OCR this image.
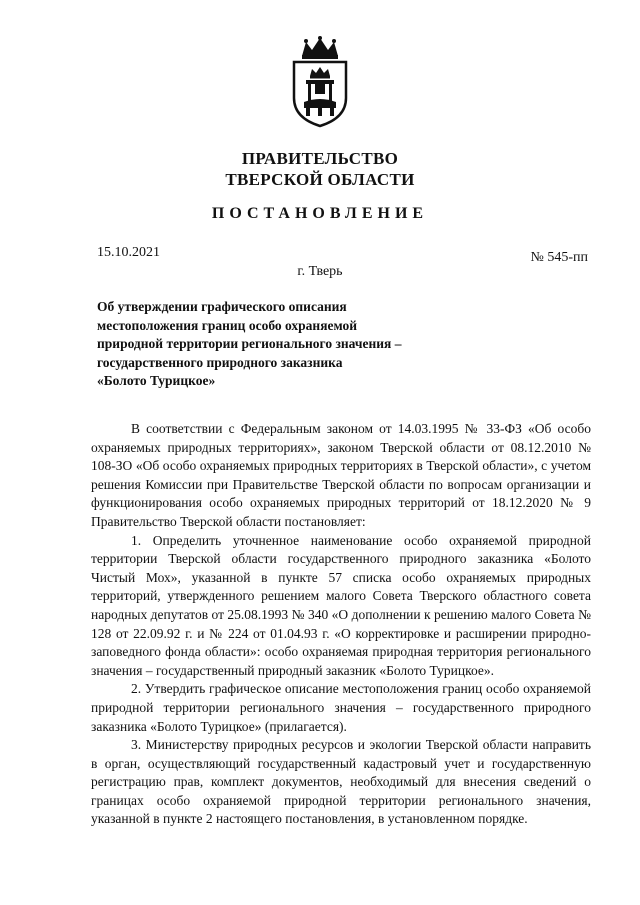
ПРАВИТЕЛЬСТВО
ТВЕРСКОЙ ОБЛАСТИ
ПОСТАНОВЛЕНИЕ
15.10.2021	№ 545-пп
г. Тверь
Об утверждении графического описания
местоположения границ особо охраняемой
природной территории регионального значения –
государственного природного заказника
«Болото Турицкое»

В соответствии с Федеральным законом от 14.03.1995 № 33-ФЗ «Об особо охраняемых природных территориях», законом Тверской области от 08.12.2010 № 108-ЗО «Об особо охраняемых природных территориях в Тверской области», с учетом решения Комиссии при Правительстве Тверской области по вопросам организации и функционирования особо охраняемых природных территорий от 18.12.2020 № 9 Правительство Тверской области постановляет:

1. Определить уточненное наименование особо охраняемой природной территории Тверской области государственного природного заказника «Болото Чистый Мох», указанной в пункте 57 списка особо охраняемых природных территорий, утвержденного решением малого Совета Тверского областного совета народных депутатов от 25.08.1993 № 340 «О дополнении к решению малого Совета № 128 от 22.09.92 г. и № 224 от 01.04.93 г. «О корректировке и расширении природно-заповедного фонда области»: особо охраняемая природная территория регионального значения – государственный природный заказник «Болото Турицкое».

2. Утвердить графическое описание местоположения границ особо охраняемой природной территории регионального значения – государственного природного заказника «Болото Турицкое» (прилагается).

3. Министерству природных ресурсов и экологии Тверской области направить в орган, осуществляющий государственный кадастровый учет и государственную регистрацию прав, комплект документов, необходимый для внесения сведений о границах особо охраняемой природной территории регионального значения, указанной в пункте 2 настоящего постановления, в установленном порядке.
